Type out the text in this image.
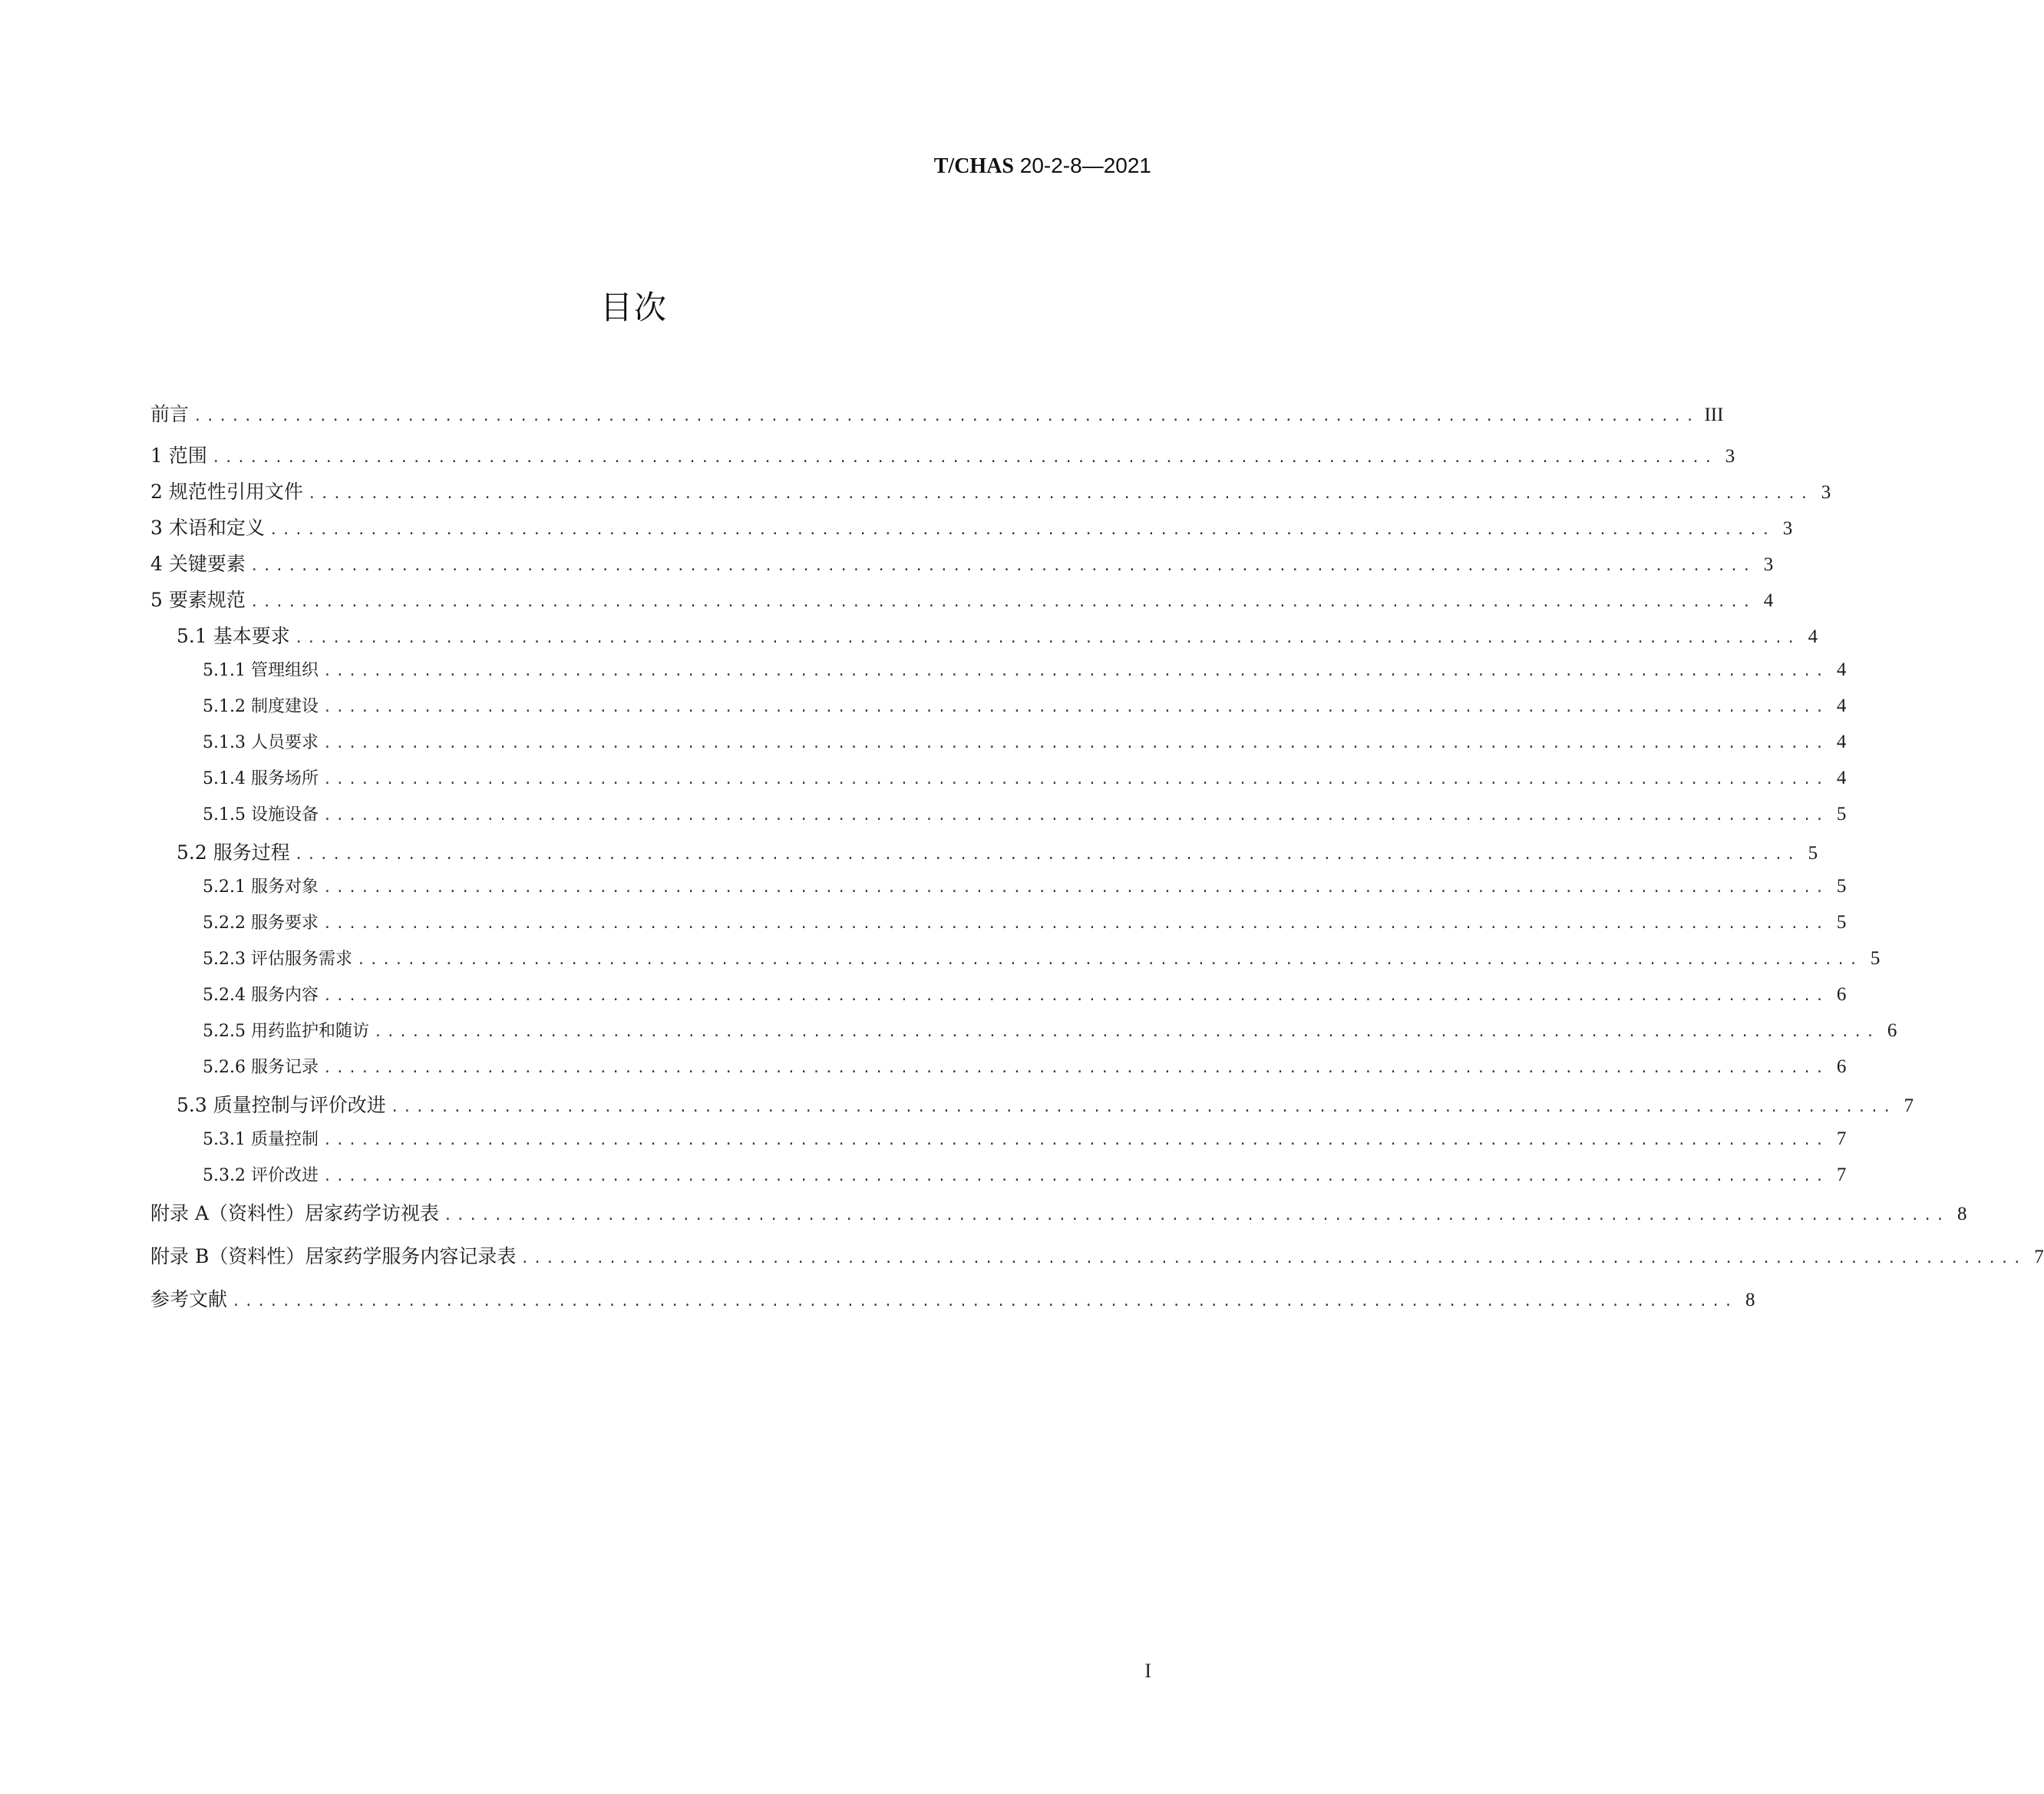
T/CHAS 20-2-8—2021
目次
前言 ........................................................................................................................ III
1 范围 ........................................................................................................................ 3
2 规范性引用文件 ........................................................................................................................ 3
3 术语和定义 ........................................................................................................................ 3
4 关键要素 ........................................................................................................................ 3
5 要素规范 ........................................................................................................................ 4
5.1 基本要求 ........................................................................................................................ 4
5.1.1 管理组织 ........................................................................................................................ 4
5.1.2 制度建设 ........................................................................................................................ 4
5.1.3 人员要求 ........................................................................................................................ 4
5.1.4 服务场所 ........................................................................................................................ 4
5.1.5 设施设备 ........................................................................................................................ 5
5.2 服务过程 ........................................................................................................................ 5
5.2.1 服务对象 ........................................................................................................................ 5
5.2.2 服务要求 ........................................................................................................................ 5
5.2.3 评估服务需求 ........................................................................................................................ 5
5.2.4 服务内容 ........................................................................................................................ 6
5.2.5 用药监护和随访 ........................................................................................................................ 6
5.2.6 服务记录 ........................................................................................................................ 6
5.3 质量控制与评价改进 ........................................................................................................................ 7
5.3.1 质量控制 ........................................................................................................................ 7
5.3.2 评价改进 ........................................................................................................................ 7
附录 A（资料性）居家药学访视表 ........................................................................................................................ 8
附录 B（资料性）居家药学服务内容记录表 ........................................................................................................................ 7
参考文献 ........................................................................................................................ 8
I
